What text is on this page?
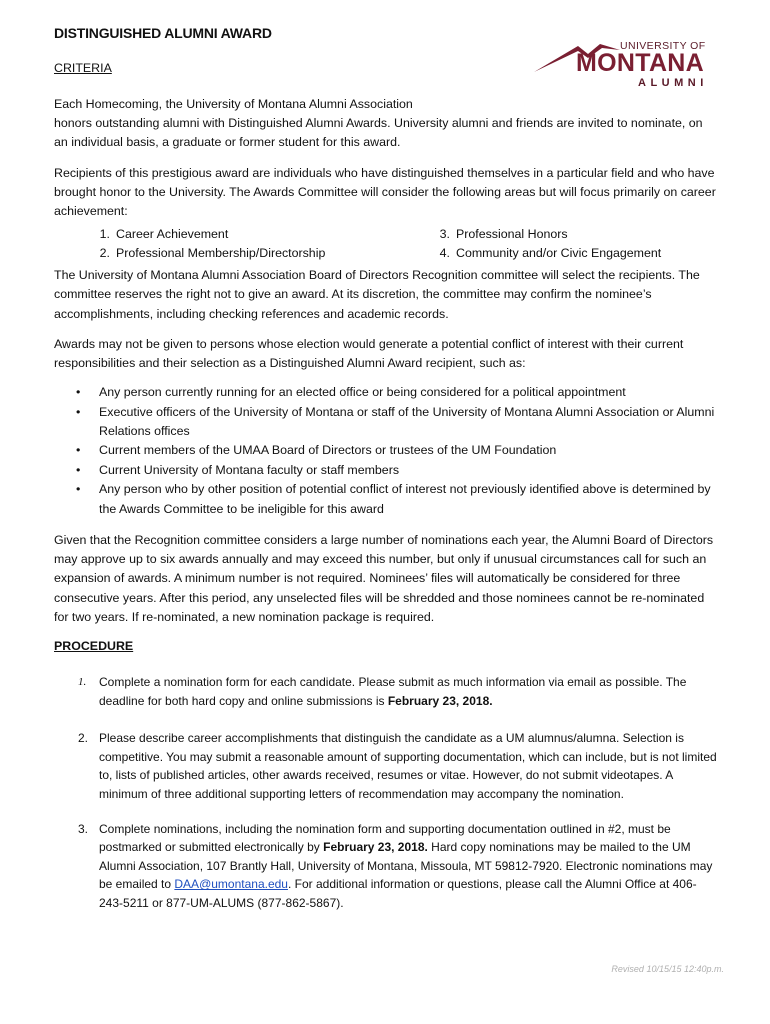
UNIVERSITY OF
MONTANA
ALUMNI
DISTINGUISHED ALUMNI AWARD
CRITERIA

Each Homecoming, the University of Montana Alumni Association
honors outstanding alumni with Distinguished Alumni Awards. University alumni and friends are invited to nominate, on an individual basis, a graduate or former student for this award.

Recipients of this prestigious award are individuals who have distinguished themselves in a particular field and who have brought honor to the University. The Awards Committee will consider the following areas but will focus primarily on career achievement:

1. Career Achievement	3. Professional Honors
2. Professional Membership/Directorship	4. Community and/or Civic Engagement

The University of Montana Alumni Association Board of Directors Recognition committee will select the recipients. The committee reserves the right not to give an award. At its discretion, the committee may confirm the nominee’s accomplishments, including checking references and academic records.

Awards may not be given to persons whose election would generate a potential conflict of interest with their current responsibilities and their selection as a Distinguished Alumni Award recipient, such as:

• Any person currently running for an elected office or being considered for a political appointment
• Executive officers of the University of Montana or staff of the University of Montana Alumni Association or Alumni Relations offices
• Current members of the UMAA Board of Directors or trustees of the UM Foundation
• Current University of Montana faculty or staff members
• Any person who by other position of potential conflict of interest not previously identified above is determined by the Awards Committee to be ineligible for this award

Given that the Recognition committee considers a large number of nominations each year, the Alumni Board of Directors may approve up to six awards annually and may exceed this number, but only if unusual circumstances call for such an expansion of awards. A minimum number is not required. Nominees’ files will automatically be considered for three consecutive years. After this period, any unselected files will be shredded and those nominees cannot be re-nominated for two years. If re-nominated, a new nomination package is required.

PROCEDURE
1. Complete a nomination form for each candidate. Please submit as much information via email as possible. The deadline for both hard copy and online submissions is February 23, 2018.
2. Please describe career accomplishments that distinguish the candidate as a UM alumnus/alumna. Selection is competitive. You may submit a reasonable amount of supporting documentation, which can include, but is not limited to, lists of published articles, other awards received, resumes or vitae. However, do not submit videotapes. A minimum of three additional supporting letters of recommendation may accompany the nomination.
3. Complete nominations, including the nomination form and supporting documentation outlined in #2, must be postmarked or submitted electronically by February 23, 2018. Hard copy nominations may be mailed to the UM Alumni Association, 107 Brantly Hall, University of Montana, Missoula, MT 59812-7920. Electronic nominations may be emailed to DAA@umontana.edu. For additional information or questions, please call the Alumni Office at 406-243-5211 or 877-UM-ALUMS (877-862-5867).
Revised 10/15/15 12:40p.m.
